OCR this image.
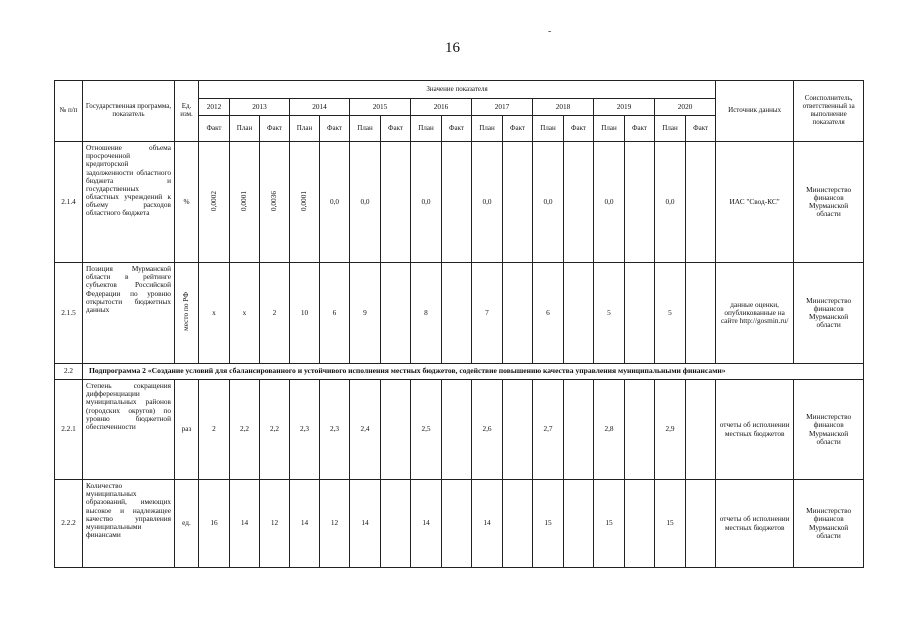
16
-
№ п/п	Государственная программа, показатель	Ед. изм.	Значение показателя																	Источник данных	Соисполнитель, ответственный за выполнение показателя
			2012	2013		2014		2015		2016		2017		2018		2019		2020			
			Факт	План	Факт	План	Факт	План	Факт	План	Факт	План	Факт	План	Факт	План	Факт	План	Факт		
2.1.4	Отношение объема просроченной кредиторской задолженности областного бюджета и государственных областных учреждений к объему расходов областного бюджета	%	0,0002	0,0001	0,0036	0,0001	0,0	0,0		0,0		0,0		0,0		0,0		0,0		ИАС "Свод-КС"	Министерство финансов Мурманской области
2.1.5	Позиция Мурманской области в рейтинге субъектов Российской Федерации по уровню открытости бюджетных данных	место по РФ	x	x	2	10	6	9		8		7		6		5		5		данные оценки, опубликованные на сайте http://gosmin.ru/	Министерство финансов Мурманской области
2.2	Подпрограмма 2 «Создание условий для сбалансированного и устойчивого исполнения местных бюджетов, содействие повышению качества управления муниципальными финансами»																				
2.2.1	Степень сокращения дифференциации муниципальных районов (городских округов) по уровню бюджетной обеспеченности	раз	2	2,2	2,2	2,3	2,3	2,4		2,5		2,6		2,7		2,8		2,9		отчеты об исполнении местных бюджетов	Министерство финансов Мурманской области
2.2.2	Количество муниципальных образований, имеющих высокое и надлежащее качество управления муниципальными финансами	ед.	16	14	12	14	12	14		14		14		15		15		15		отчеты об исполнении местных бюджетов	Министерство финансов Мурманской области
